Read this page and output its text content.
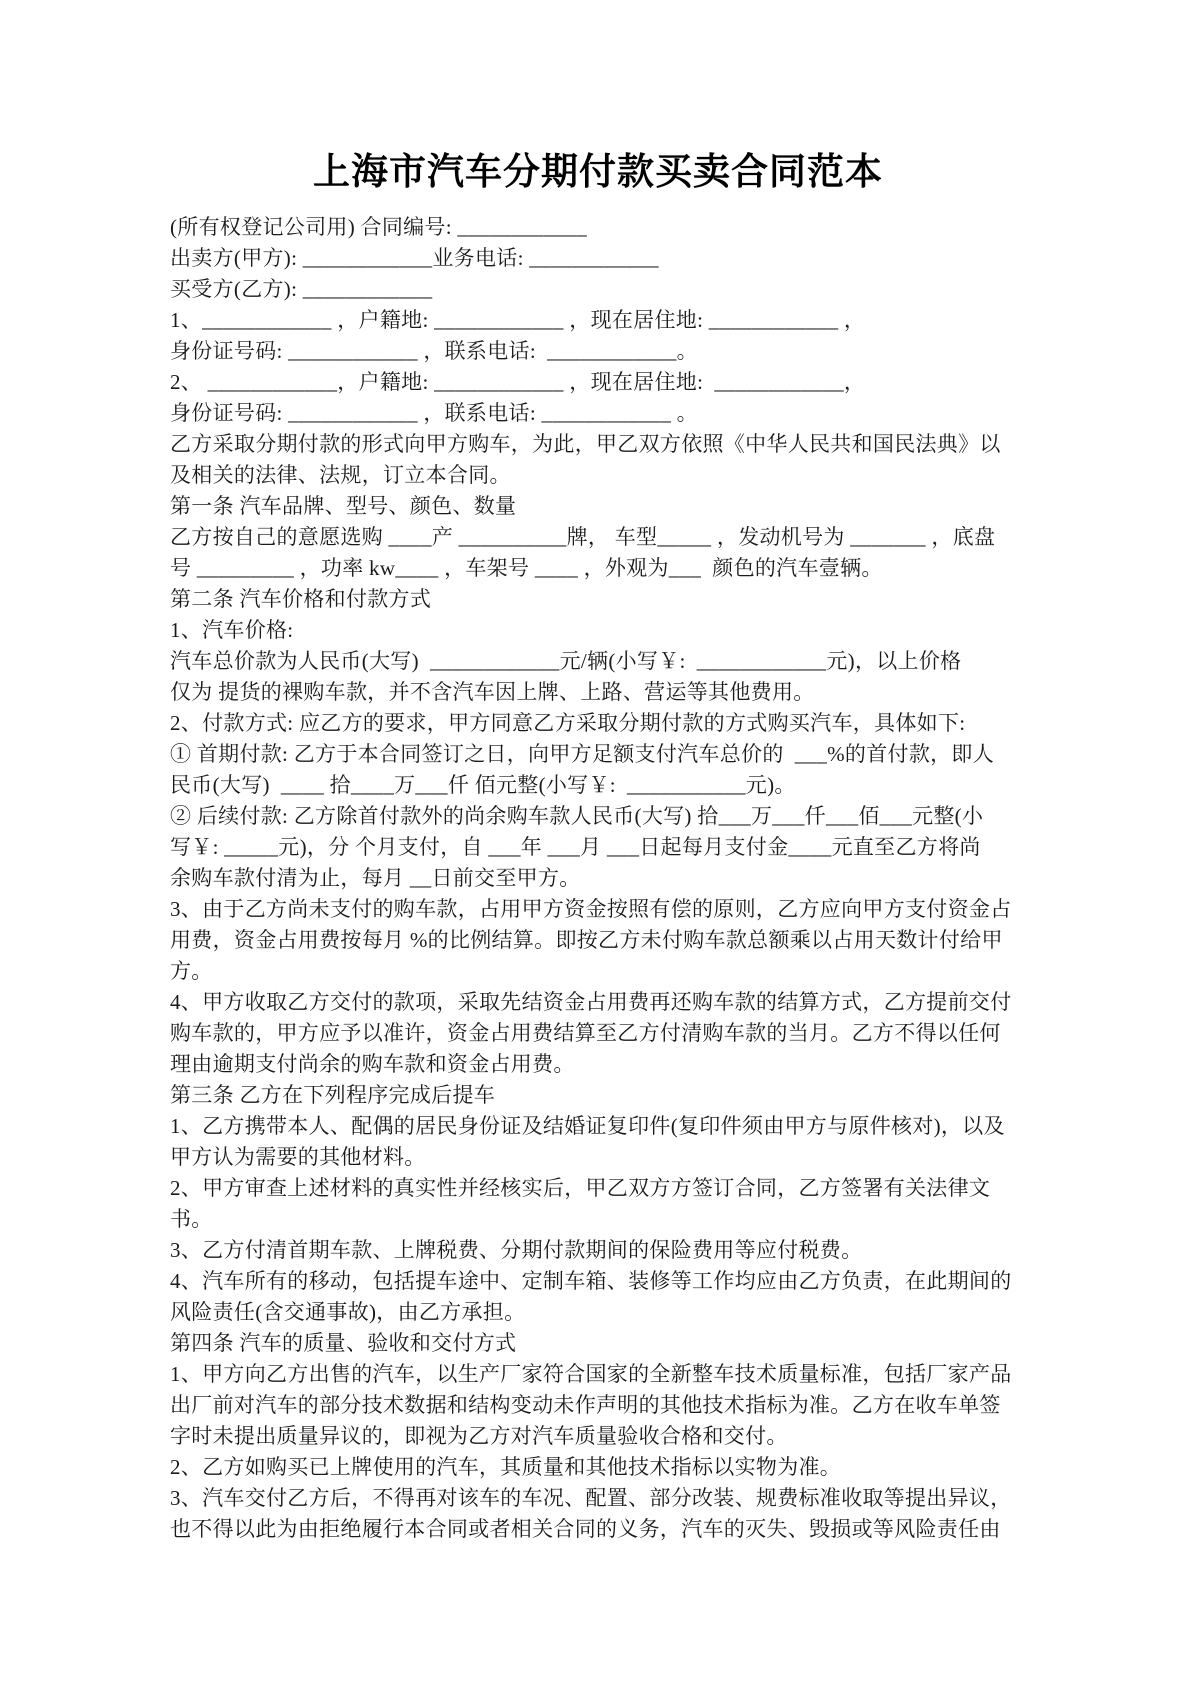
上海市汽车分期付款买卖合同范本

(所有权登记公司用) 合同编号: ____________

出卖方(甲方): ____________业务电话: ____________

买受方(乙方): ____________

1、____________ ，户籍地: ____________ ，现在居住地: ____________ ，

身份证号码: ____________ ，联系电话:  ____________。

2、 ____________，户籍地: ____________ ，现在居住地:  ____________，

身份证号码: ____________ ，联系电话: ____________ 。

乙方采取分期付款的形式向甲方购车，为此，甲乙双方依照《中华人民共和国民法典》以

及相关的法律、法规，订立本合同。

第一条 汽车品牌、型号、颜色、数量

乙方按自己的意愿选购 ____产 __________牌， 车型_____ ，发动机号为 _______ ，底盘

号 _________ ，功率 kw____ ，车架号 ____ ，外观为___  颜色的汽车壹辆。

第二条 汽车价格和付款方式

1、汽车价格:

汽车总价款为人民币(大写)  ____________元/辆(小写￥:  ____________元)，以上价格

仅为 提货的裸购车款，并不含汽车因上牌、上路、营运等其他费用。

2、付款方式: 应乙方的要求，甲方同意乙方采取分期付款的方式购买汽车，具体如下:

① 首期付款: 乙方于本合同签订之日，向甲方足额支付汽车总价的  ___%的首付款，即人

民币(大写)  ____ 拾____万___仟 佰元整(小写￥:  ___________元)。

② 后续付款: 乙方除首付款外的尚余购车款人民币(大写) 拾___万___仟___佰___元整(小

写￥: _____元)，分 个月支付，自 ___年 ___月 ___日起每月支付金____元直至乙方将尚

余购车款付清为止，每月 __日前交至甲方。

3、由于乙方尚未支付的购车款，占用甲方资金按照有偿的原则，乙方应向甲方支付资金占

用费，资金占用费按每月 %的比例结算。即按乙方未付购车款总额乘以占用天数计付给甲

方。

4、甲方收取乙方交付的款项，采取先结资金占用费再还购车款的结算方式，乙方提前交付

购车款的，甲方应予以准许，资金占用费结算至乙方付清购车款的当月。乙方不得以任何

理由逾期支付尚余的购车款和资金占用费。

第三条 乙方在下列程序完成后提车

1、乙方携带本人、配偶的居民身份证及结婚证复印件(复印件须由甲方与原件核对)，以及

甲方认为需要的其他材料。

2、甲方审查上述材料的真实性并经核实后，甲乙双方方签订合同，乙方签署有关法律文书。

3、乙方付清首期车款、上牌税费、分期付款期间的保险费用等应付税费。

4、汽车所有的移动，包括提车途中、定制车箱、装修等工作均应由乙方负责，在此期间的

风险责任(含交通事故)，由乙方承担。

第四条 汽车的质量、验收和交付方式

1、甲方向乙方出售的汽车，以生产厂家符合国家的全新整车技术质量标准，包括厂家产品

出厂前对汽车的部分技术数据和结构变动未作声明的其他技术指标为准。乙方在收车单签

字时未提出质量异议的，即视为乙方对汽车质量验收合格和交付。

2、乙方如购买已上牌使用的汽车，其质量和其他技术指标以实物为准。

3、汽车交付乙方后，不得再对该车的车况、配置、部分改装、规费标准收取等提出异议，

也不得以此为由拒绝履行本合同或者相关合同的义务，汽车的灭失、毁损或等风险责任由
